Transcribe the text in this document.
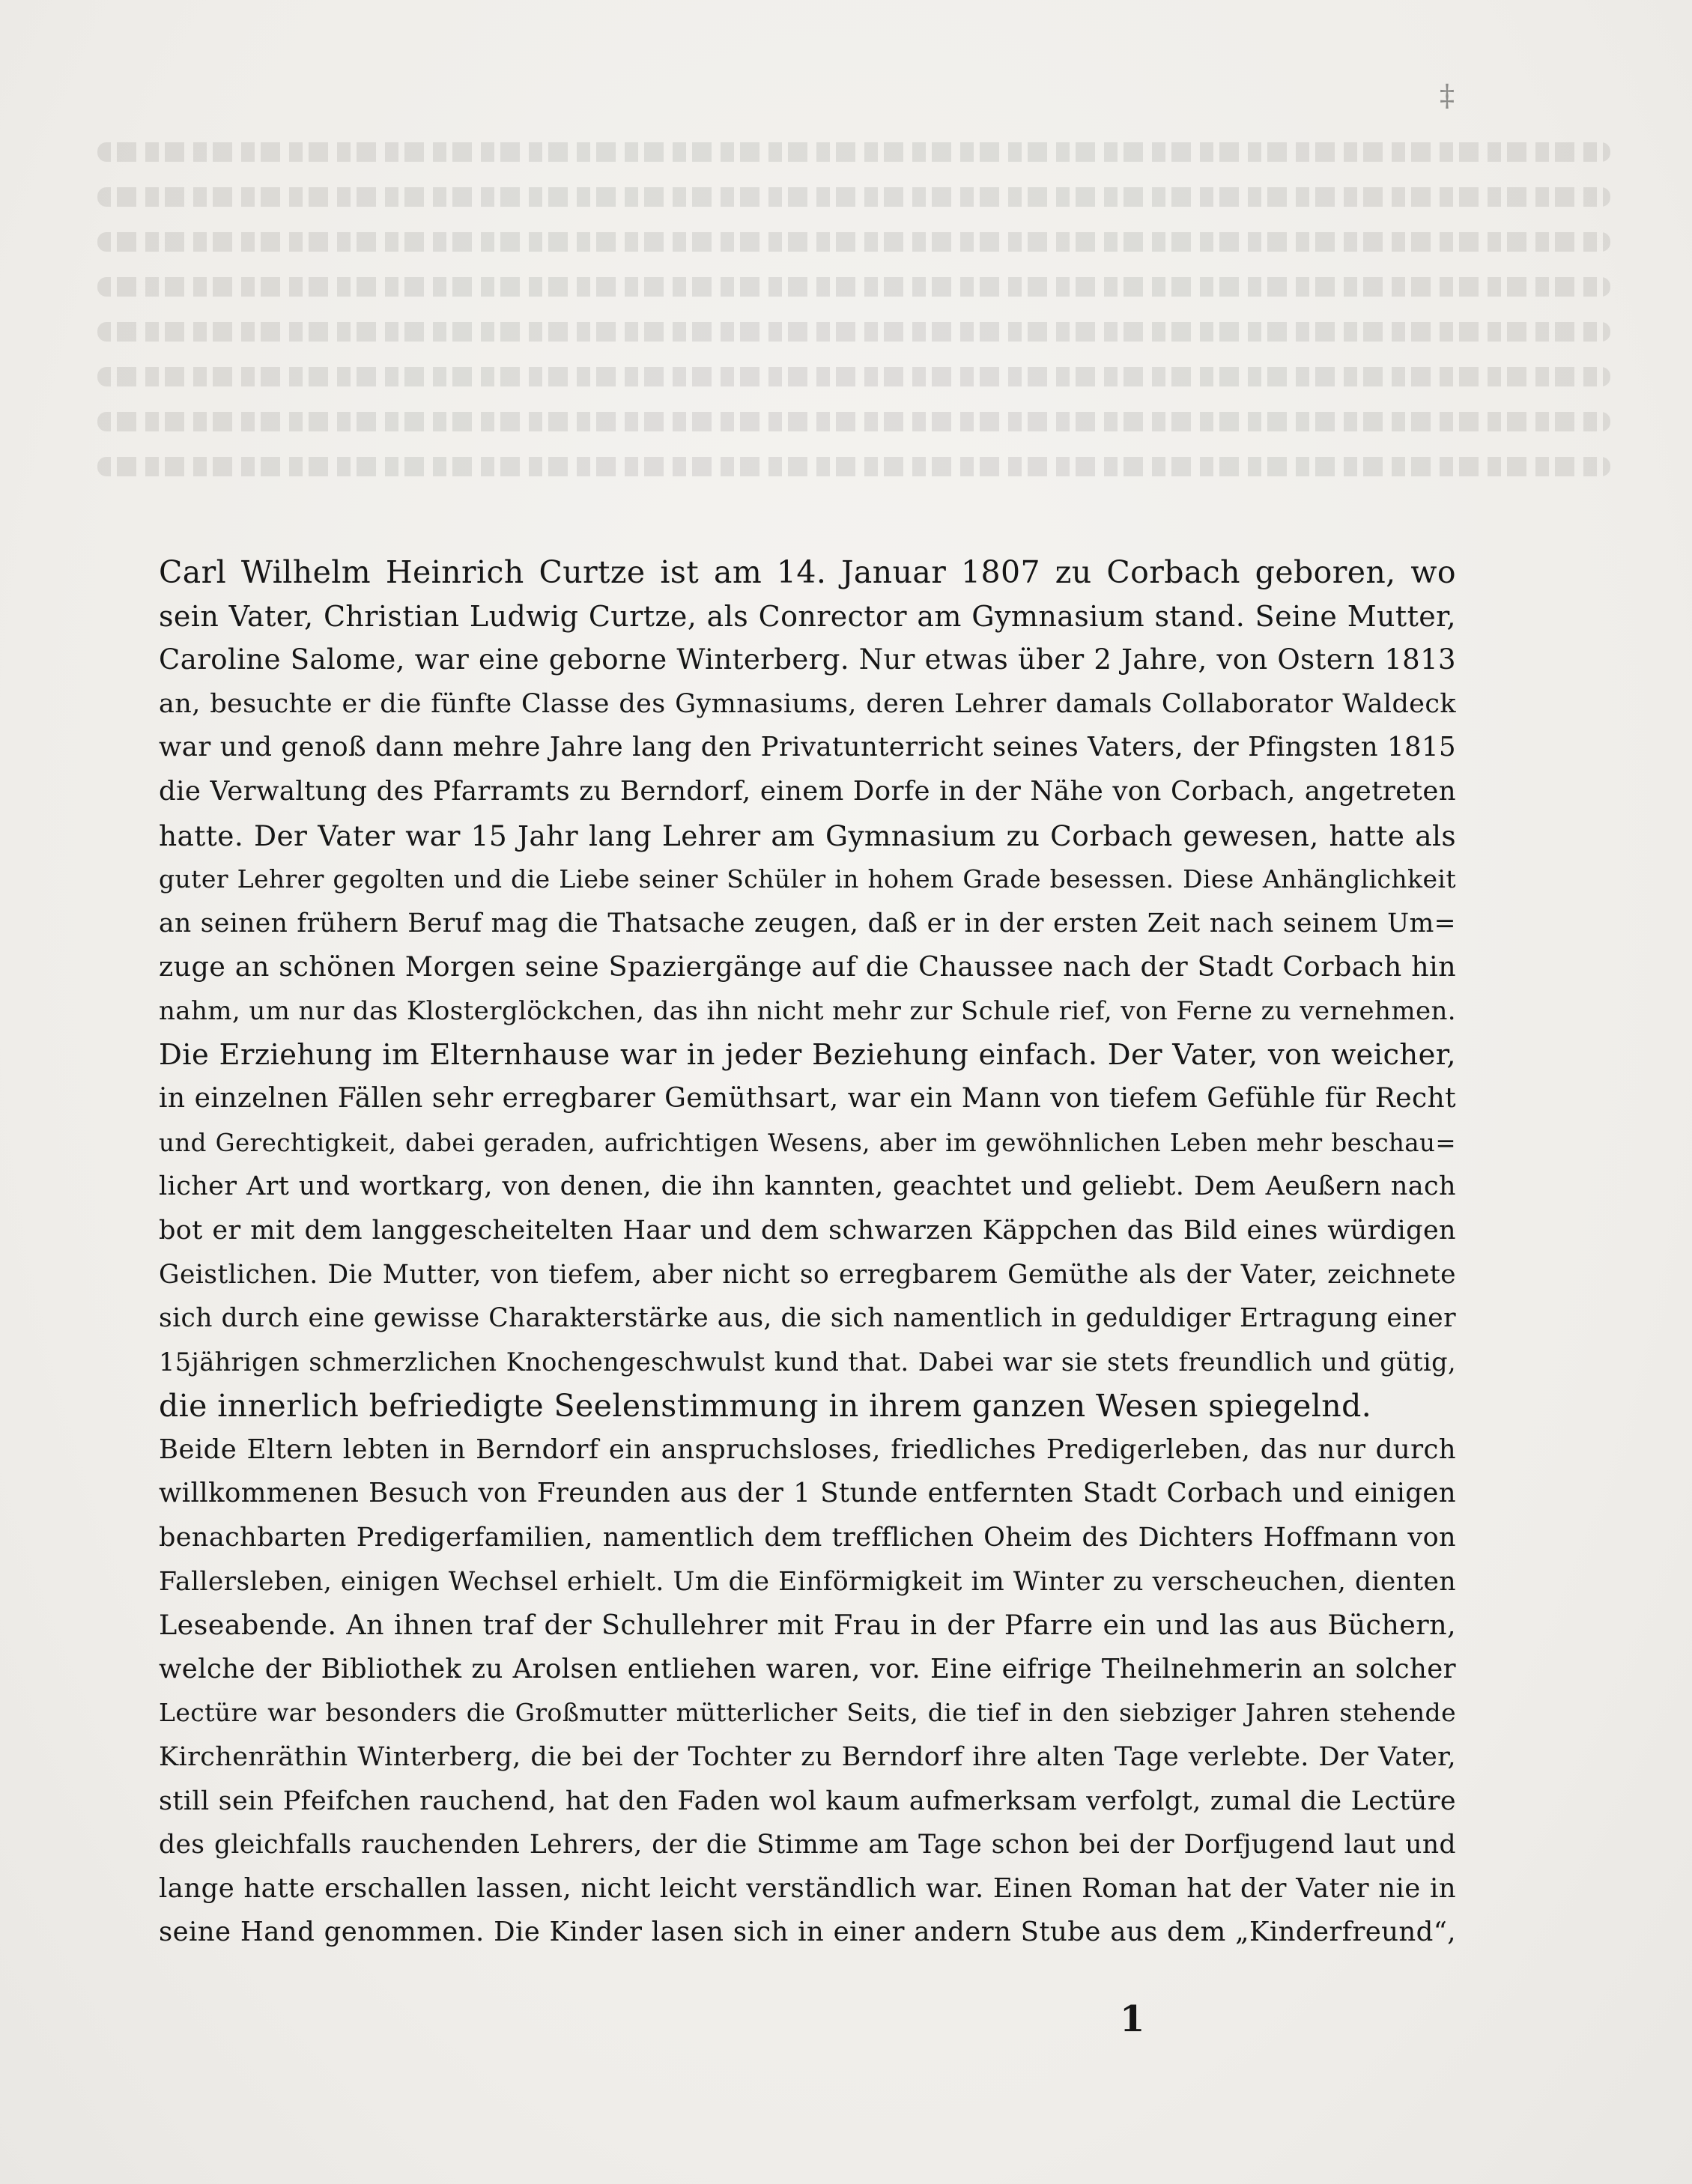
‡
Carl Wilhelm Heinrich Curtze ist am 14. Januar 1807 zu Corbach geboren, wo
sein Vater, Christian Ludwig Curtze, als Conrector am Gymnasium stand. Seine Mutter,
Caroline Salome, war eine geborne Winterberg. Nur etwas über 2 Jahre, von Ostern 1813
an, besuchte er die fünfte Classe des Gymnasiums, deren Lehrer damals Collaborator Waldeck
war und genoß dann mehre Jahre lang den Privatunterricht seines Vaters, der Pfingsten 1815
die Verwaltung des Pfarramts zu Berndorf, einem Dorfe in der Nähe von Corbach, angetreten
hatte. Der Vater war 15 Jahr lang Lehrer am Gymnasium zu Corbach gewesen, hatte als
guter Lehrer gegolten und die Liebe seiner Schüler in hohem Grade besessen. Diese Anhänglichkeit
an seinen frühern Beruf mag die Thatsache zeugen, daß er in der ersten Zeit nach seinem Um=
zuge an schönen Morgen seine Spaziergänge auf die Chaussee nach der Stadt Corbach hin
nahm, um nur das Klosterglöckchen, das ihn nicht mehr zur Schule rief, von Ferne zu vernehmen.
Die Erziehung im Elternhause war in jeder Beziehung einfach. Der Vater, von weicher,
in einzelnen Fällen sehr erregbarer Gemüthsart, war ein Mann von tiefem Gefühle für Recht
und Gerechtigkeit, dabei geraden, aufrichtigen Wesens, aber im gewöhnlichen Leben mehr beschau=
licher Art und wortkarg, von denen, die ihn kannten, geachtet und geliebt. Dem Aeußern nach
bot er mit dem langgescheitelten Haar und dem schwarzen Käppchen das Bild eines würdigen
Geistlichen. Die Mutter, von tiefem, aber nicht so erregbarem Gemüthe als der Vater, zeichnete
sich durch eine gewisse Charakterstärke aus, die sich namentlich in geduldiger Ertragung einer
15jährigen schmerzlichen Knochengeschwulst kund that. Dabei war sie stets freundlich und gütig,
die innerlich befriedigte Seelenstimmung in ihrem ganzen Wesen spiegelnd.
Beide Eltern lebten in Berndorf ein anspruchsloses, friedliches Predigerleben, das nur durch
willkommenen Besuch von Freunden aus der 1 Stunde entfernten Stadt Corbach und einigen
benachbarten Predigerfamilien, namentlich dem trefflichen Oheim des Dichters Hoffmann von
Fallersleben, einigen Wechsel erhielt. Um die Einförmigkeit im Winter zu verscheuchen, dienten
Leseabende. An ihnen traf der Schullehrer mit Frau in der Pfarre ein und las aus Büchern,
welche der Bibliothek zu Arolsen entliehen waren, vor. Eine eifrige Theilnehmerin an solcher
Lectüre war besonders die Großmutter mütterlicher Seits, die tief in den siebziger Jahren stehende
Kirchenräthin Winterberg, die bei der Tochter zu Berndorf ihre alten Tage verlebte. Der Vater,
still sein Pfeifchen rauchend, hat den Faden wol kaum aufmerksam verfolgt, zumal die Lectüre
des gleichfalls rauchenden Lehrers, der die Stimme am Tage schon bei der Dorfjugend laut und
lange hatte erschallen lassen, nicht leicht verständlich war. Einen Roman hat der Vater nie in
seine Hand genommen. Die Kinder lasen sich in einer andern Stube aus dem „Kinderfreund“,
1
